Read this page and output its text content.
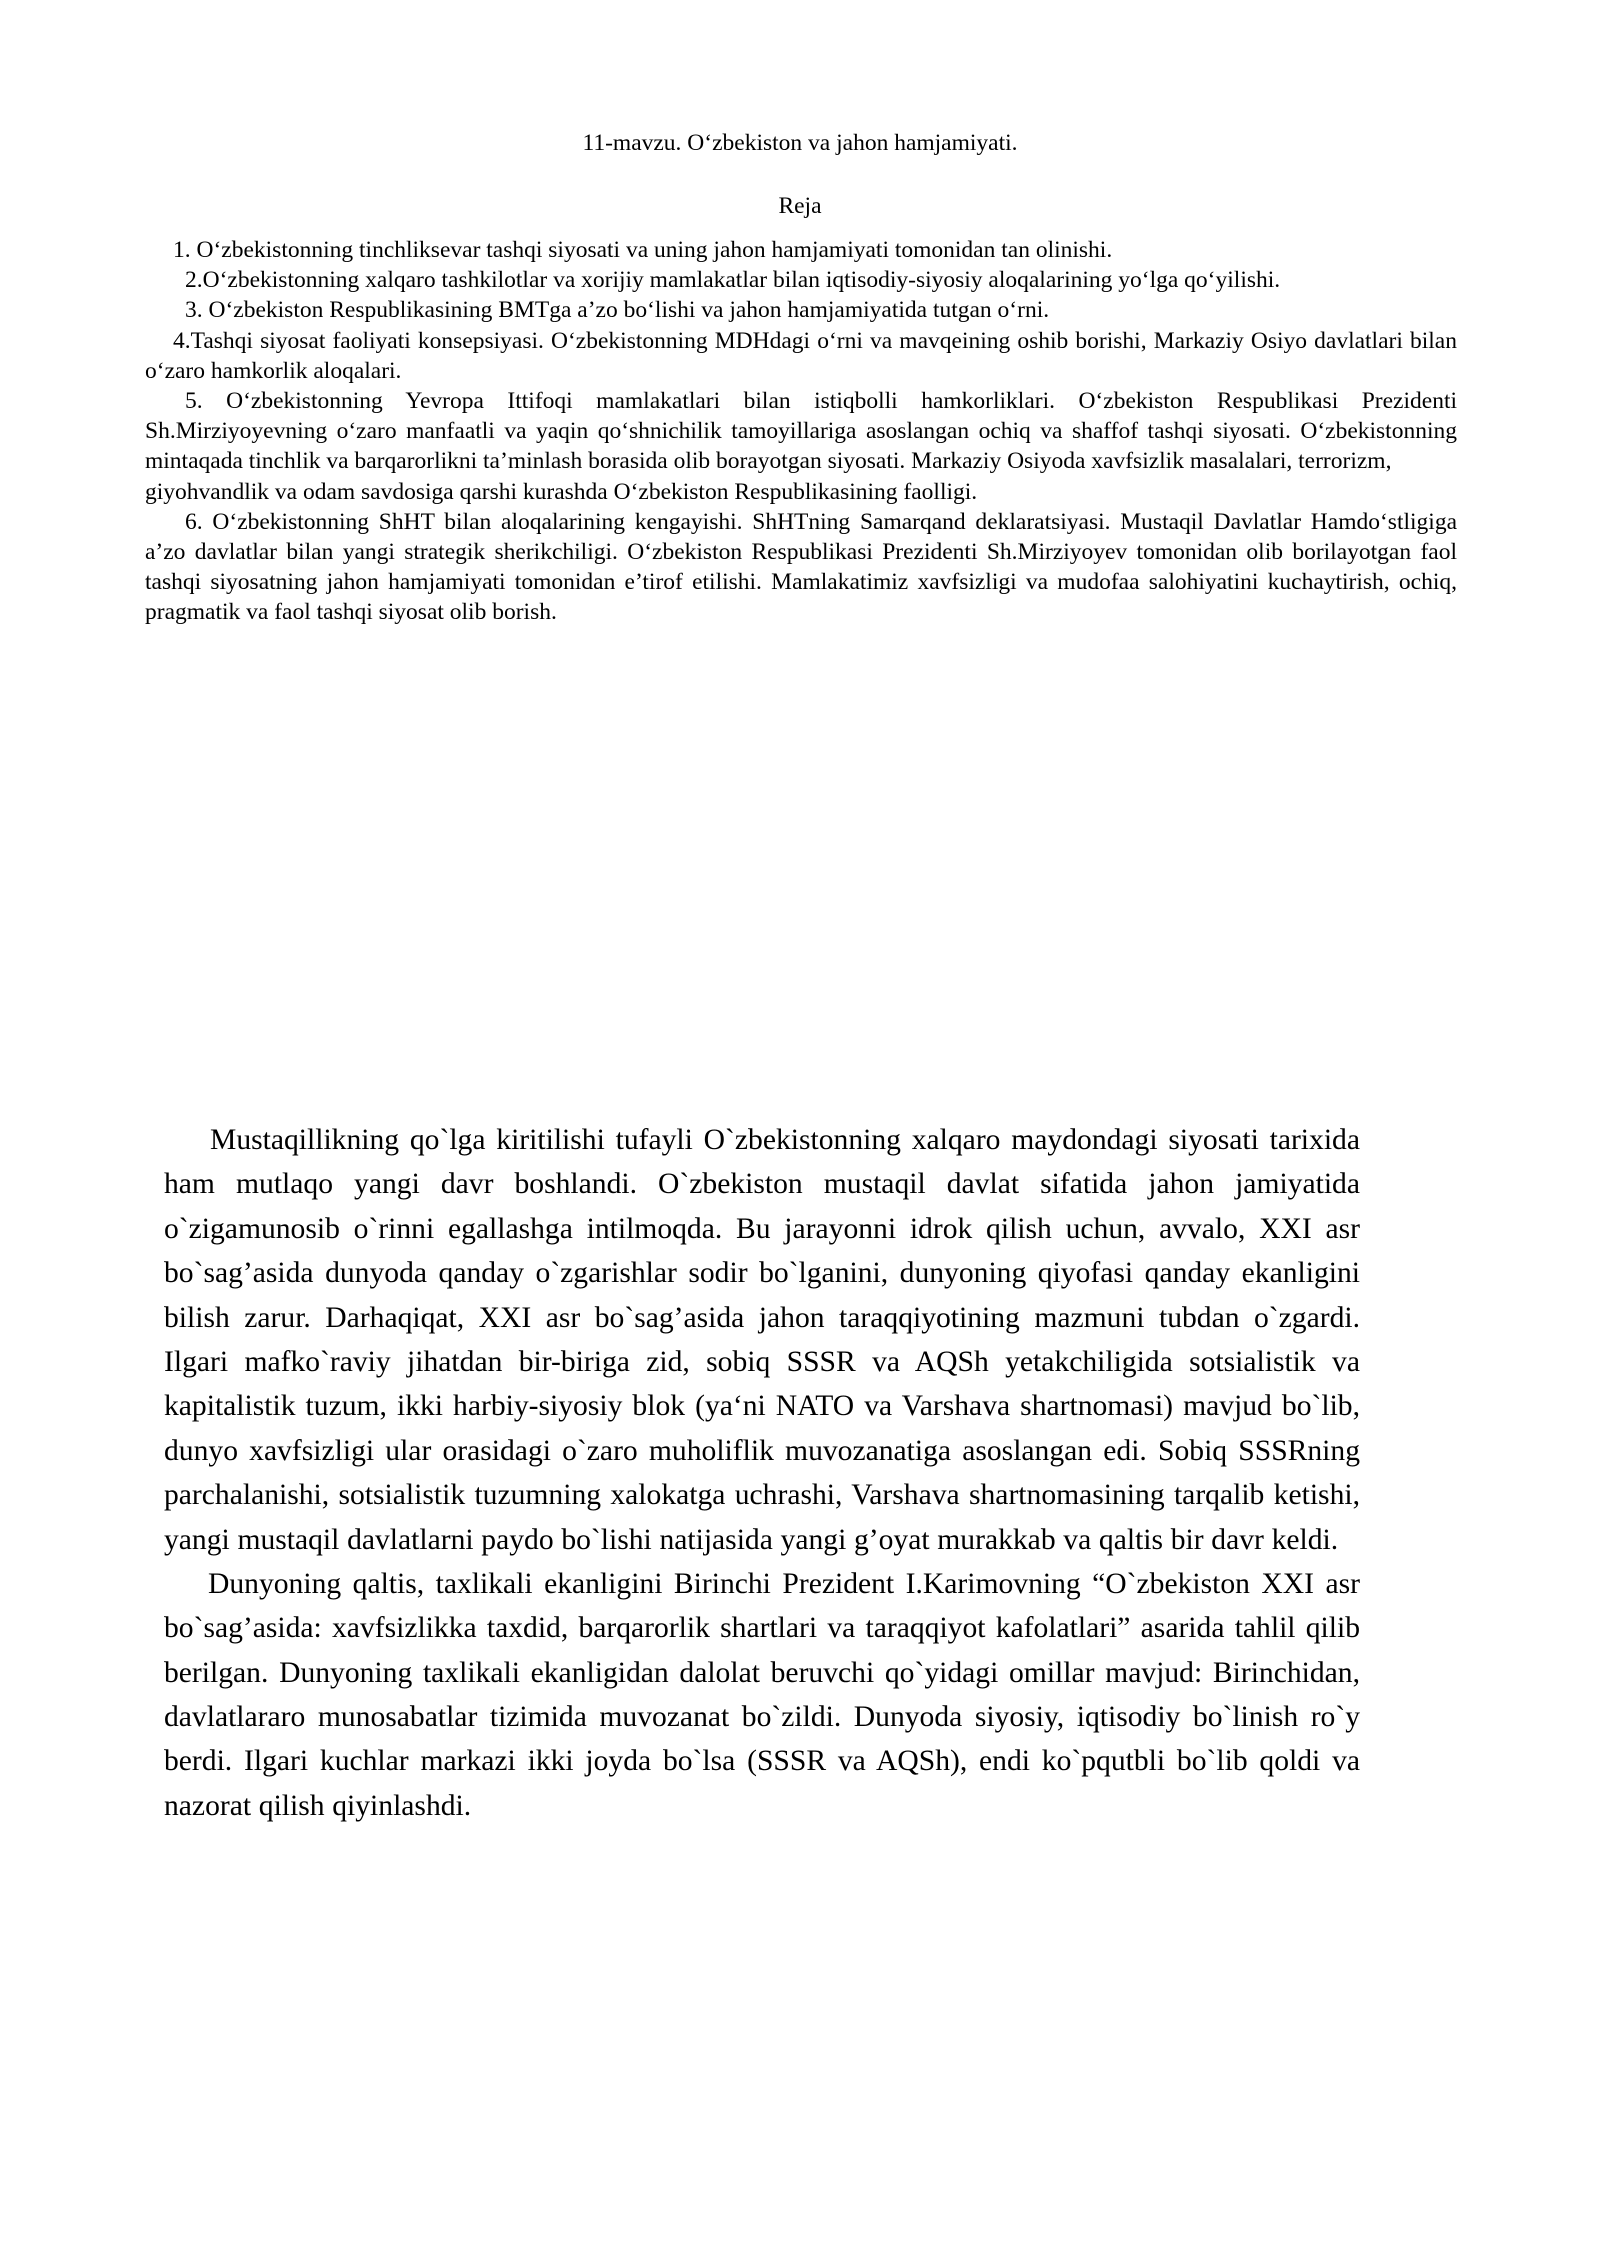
11-mavzu. O‘zbekiston va jahon hamjamiyati.

Reja

1. O‘zbekistonning tinchliksevar tashqi siyosati va uning jahon hamjamiyati tomonidan tan olinishi.

2.O‘zbekistonning xalqaro tashkilotlar va xorijiy mamlakatlar bilan iqtisodiy-siyosiy aloqalarining yo‘lga qo‘yilishi.

3. O‘zbekiston Respublikasining BMTga a’zo bo‘lishi va jahon hamjamiyatida tutgan o‘rni.

4.Tashqi siyosat faoliyati konsepsiyasi. O‘zbekistonning MDHdagi o‘rni va mavqeining oshib borishi, Markaziy Osiyo davlatlari bilan o‘zaro hamkorlik aloqalari.

5. O‘zbekistonning Yevropa Ittifoqi mamlakatlari bilan istiqbolli hamkorliklari. O‘zbekiston Respublikasi Prezidenti Sh.Mirziyoyevning o‘zaro manfaatli va yaqin qo‘shnichilik tamoyillariga asoslangan ochiq va shaffof tashqi siyosati. O‘zbekistonning mintaqada tinchlik va barqarorlikni ta’minlash borasida olib borayotgan siyosati. Markaziy Osiyoda xavfsizlik masalalari, terrorizm,

giyohvandlik va odam savdosiga qarshi kurashda O‘zbekiston Respublikasining faolligi.

6. O‘zbekistonning ShHT bilan aloqalarining kengayishi. ShHTning Samarqand deklaratsiyasi. Mustaqil Davlatlar Hamdo‘stligiga a’zo davlatlar bilan yangi strategik sherikchiligi. O‘zbekiston Respublikasi Prezidenti Sh.Mirziyoyev tomonidan olib borilayotgan faol tashqi siyosatning jahon hamjamiyati tomonidan e’tirof etilishi. Mamlakatimiz xavfsizligi va mudofaa salohiyatini kuchaytirish, ochiq, pragmatik va faol tashqi siyosat olib borish.

Mustaqillikning qo`lga kiritilishi tufayli O`zbekistonning xalqaro maydondagi siyosati tarixida ham mutlaqo yangi davr boshlandi. O`zbekiston mustaqil davlat sifatida jahon jamiyatida o`zigamunosib o`rinni egallashga intilmoqda. Bu jarayonni idrok qilish uchun, avvalo, XXI asr bo`sag’asida dunyoda qanday o`zgarishlar sodir bo`lganini, dunyoning qiyofasi qanday ekanligini bilish zarur. Darhaqiqat, XXI asr bo`sag’asida jahon taraqqiyotining mazmuni tubdan o`zgardi. Ilgari mafko`raviy jihatdan bir-biriga zid, sobiq SSSR va AQSh yetakchiligida sotsialistik va kapitalistik tuzum, ikki harbiy-siyosiy blok (ya‘ni NATO va Varshava shartnomasi) mavjud bo`lib, dunyo xavfsizligi ular orasidagi o`zaro muholiflik muvozanatiga asoslangan edi. Sobiq SSSRning parchalanishi, sotsialistik tuzumning xalokatga uchrashi, Varshava shartnomasining tarqalib ketishi, yangi mustaqil davlatlarni paydo bo`lishi natijasida yangi g’oyat murakkab va qaltis bir davr keldi.

Dunyoning qaltis, taxlikali ekanligini Birinchi Prezident I.Karimovning “O`zbekiston XXI asr bo`sag’asida: xavfsizlikka taxdid, barqarorlik shartlari va taraqqiyot kafolatlari” asarida tahlil qilib berilgan. Dunyoning taxlikali ekanligidan dalolat beruvchi qo`yidagi omillar mavjud: Birinchidan, davlatlararo munosabatlar tizimida muvozanat bo`zildi. Dunyoda siyosiy, iqtisodiy bo`linish ro`y berdi. Ilgari kuchlar markazi ikki joyda bo`lsa (SSSR va AQSh), endi ko`pqutbli bo`lib qoldi va nazorat qilish qiyinlashdi.
